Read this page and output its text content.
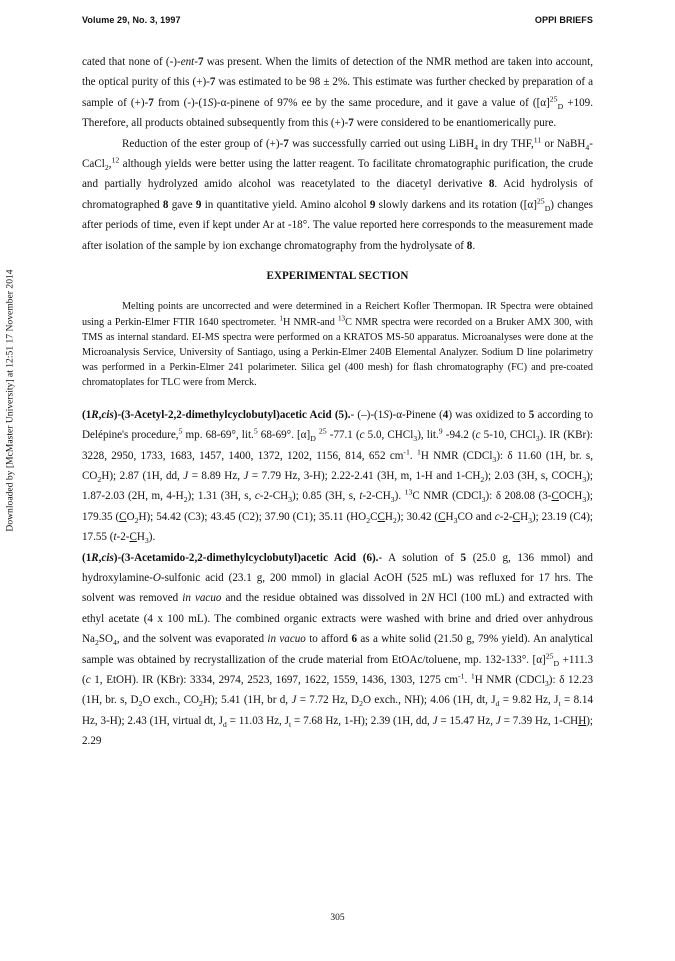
Downloaded by [McMaster University] at 12:51 17 November 2014
Volume 29, No. 3, 1997	OPPI BRIEFS

cated that none of (-)-ent-7 was present. When the limits of detection of the NMR method are taken into account, the optical purity of this (+)-7 was estimated to be 98 ± 2%. This estimate was further checked by preparation of a sample of (+)-7 from (-)-(1S)-α-pinene of 97% ee by the same procedure, and it gave a value of ($[\alpha]^{25}_D +109$. Therefore, all products obtained subsequently from this (+)-7 were considered to be enantiomerically pure.

Reduction of the ester group of (+)-7 was successfully carried out using LiBH$_4$ in dry THF,$^{11}$ or NaBH$_4$-CaCl$_2$,$^{12}$ although yields were better using the latter reagent. To facilitate chromatographic purification, the crude and partially hydrolyzed amido alcohol was reacetylated to the diacetyl derivative 8. Acid hydrolysis of chromatographed 8 gave 9 in quantitative yield. Amino alcohol 9 slowly darkens and its rotation $([\alpha]^{25}_D)$ changes after periods of time, even if kept under Ar at -18°. The value reported here corresponds to the measurement made after isolation of the sample by ion exchange chromatography from the hydrolysate of 8.

EXPERIMENTAL SECTION

Melting points are uncorrected and were determined in a Reichert Kofler Thermopan. IR Spectra were obtained using a Perkin-Elmer FTIR 1640 spectrometer. $^1$H NMR-and $^{13}$C NMR spectra were recorded on a Bruker AMX 300, with TMS as internal standard. EI-MS spectra were performed on a KRATOS MS-50 apparatus. Microanalyses were done at the Microanalysis Service, University of Santiago, using a Perkin-Elmer 240B Elemental Analyzer. Sodium D line polarimetry was performed in a Perkin-Elmer 241 polarimeter. Silica gel (400 mesh) for flash chromatography (FC) and pre-coated chromatoplates for TLC were from Merck.

(1R,cis)-(3-Acetyl-2,2-dimethylcyclobutyl)acetic Acid (5).- (–)-(1S)-α-Pinene (4) was oxidized to 5 according to Delépine's procedure,$^5$ mp. 68-69°, lit.$^5$ 68-69°. $[\alpha]_D$ $^{25}$ -77.1 (c 5.0, CHCl$_3$), lit.$^9$ -94.2 (c 5-10, CHCl$_3$). IR (KBr): 3228, 2950, 1733, 1683, 1457, 1400, 1372, 1202, 1156, 814, 652 $cm^{-1}$. $^1$H NMR (CDCl$_3$): δ 11.60 (1H, br. s, $CO_2H$); 2.87 (1H, dd, J = 8.89 Hz, J = 7.79 Hz, 3-H); 2.22-2.41 (3H, m, 1-H and $1-CH_2$); 2.03 (3H, s, $COCH_3$); 1.87-2.03 (2H, m, $4-H_2$); 1.31 (3H, s, $c-2-CH_3$); 0.85 (3H, s, $t-2-CH_3$). $^{13}$C NMR (CDCl$_3$): δ 208.08 $(3-COCH_3)$; 179.35 $(CO_2H)$; 54.42 (C3); 43.45 (C2); 37.90 (C1); 35.11 $(HO_2CCH_2)$; 30.42 ($CH_3CO$ and $c-2-CH_3$); 23.19 (C4); 17.55 $(t-2-CH_3)$.

(1R,cis)-(3-Acetamido-2,2-dimethylcyclobutyl)acetic Acid (6).- A solution of 5 (25.0 g, 136 mmol) and hydroxylamine-O-sulfonic acid (23.1 g, 200 mmol) in glacial AcOH (525 mL) was refluxed for 17 hrs. The solvent was removed in vacuo and the residue obtained was dissolved in 2N HCl (100 mL) and extracted with ethyl acetate (4 x 100 mL). The combined organic extracts were washed with brine and dried over anhydrous $Na_2SO_4$, and the solvent was evaporated in vacuo to afford 6 as a white solid (21.50 g, 79% yield). An analytical sample was obtained by recrystallization of the crude material from EtOAc/toluene, mp. 132-133°. $[\alpha]^{25}_D +111.3$ (c 1, EtOH). IR (KBr): 3334, 2974, 2523, 1697, 1622, 1559, 1436, 1303, 1275 $cm^{-1}$. $^1$H NMR (CDCl$_3$): δ 12.23 (1H, br. s, $D_2O$ exch., $CO_2H$); 5.41 (1H, br d, J = 7.72 Hz, $D_2O$ exch., NH); 4.06 (1H, dt, $J_d = 9.82$ Hz, $J_t = 8.14$ Hz, 3-H); 2.43 (1H, virtual dt, $J_d = 11.03$ Hz, $J_t = 7.68$ Hz, 1-H); 2.39 (1H, dd, J = 15.47 Hz, J = 7.39 Hz, 1-CHH); 2.29

305
